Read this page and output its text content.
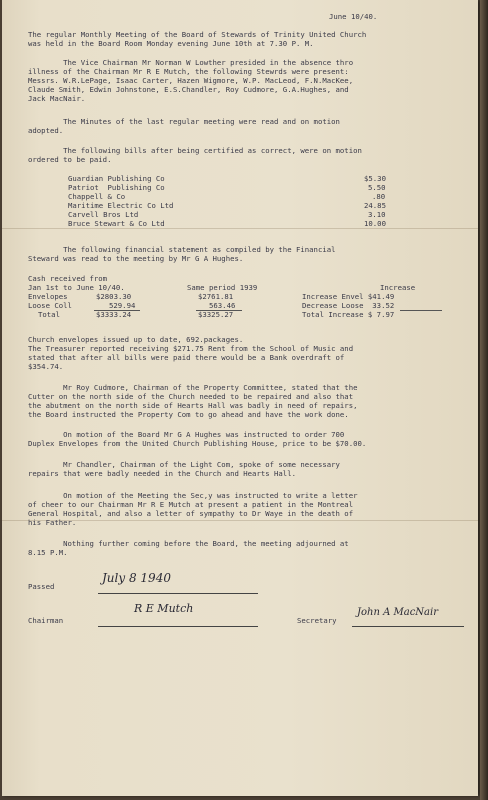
June 10/40.
The regular Monthly Meeting of the Board of Stewards of Trinity United Church
was held in the Board Room Monday evening June 10th at 7.30 P. M.
The Vice Chairman Mr Norman W Lowther presided in the absence thro
illness of the Chairman Mr R E Mutch, the following Stewrds were present:
Messrs. W.R.LePage, Isaac Carter, Hazen Wigmore, W.P. MacLeod, F.N.MacKee,
Claude Smith, Edwin Johnstone, E.S.Chandler, Roy Cudmore, G.A.Hughes, and
Jack MacNair.
The Minutes of the last regular meeting were read and on motion
adopted.
The following bills after being certified as correct, were on motion
ordered to be paid.
Guardian Publishing Co	$5.30
Patriot  Publishing Co	5.50
Chappell & Co	.80
Maritime Electric Co Ltd	24.85
Carvell Bros Ltd	3.10
Bruce Stewart & Co Ltd	10.00
The following financial statement as compiled by the Financial
Steward was read to the meeting by Mr G A Hughes.
Cash received from
Jan 1st to June 10/40.	Same period 1939	Increase
Envelopes	$2803.30	$2761.81	Increase Envel $41.49
Loose Coll	529.94	563.46	Decrease Loose  33.52
Total	$3333.24	$3325.27	Total Increase $ 7.97
Church envelopes issued up to date, 692.packages.
The Treasurer reported receiving $271.75 Rent from the School of Music and
stated that after all bills were paid there would be a Bank overdraft of
$354.74.
Mr Roy Cudmore, Chairman of the Property Committee, stated that the
Cutter on the north side of the Church needed to be repaired and also that
the abutment on the north side of Hearts Hall was badly in need of repairs,
the Board instructed the Property Com to go ahead and have the work done.
On motion of the Board Mr G A Hughes was instructed to order 700
Duplex Envelopes from the United Church Publishing House, price to be $70.00.
Mr Chandler, Chairman of the Light Com, spoke of some necessary
repairs that were badly needed in the Church and Hearts Hall.
On motion of the Meeting the Sec,y was instructed to write a letter
of cheer to our Chairman Mr R E Mutch at present a patient in the Montreal
General Hospital, and also a letter of sympathy to Dr Waye in the death of
his Father.
Nothing further coming before the Board, the meeting adjourned at
8.15 P.M.
Passed
July 8 1940
Chairman
R E Mutch
Secretary
John A MacNair
